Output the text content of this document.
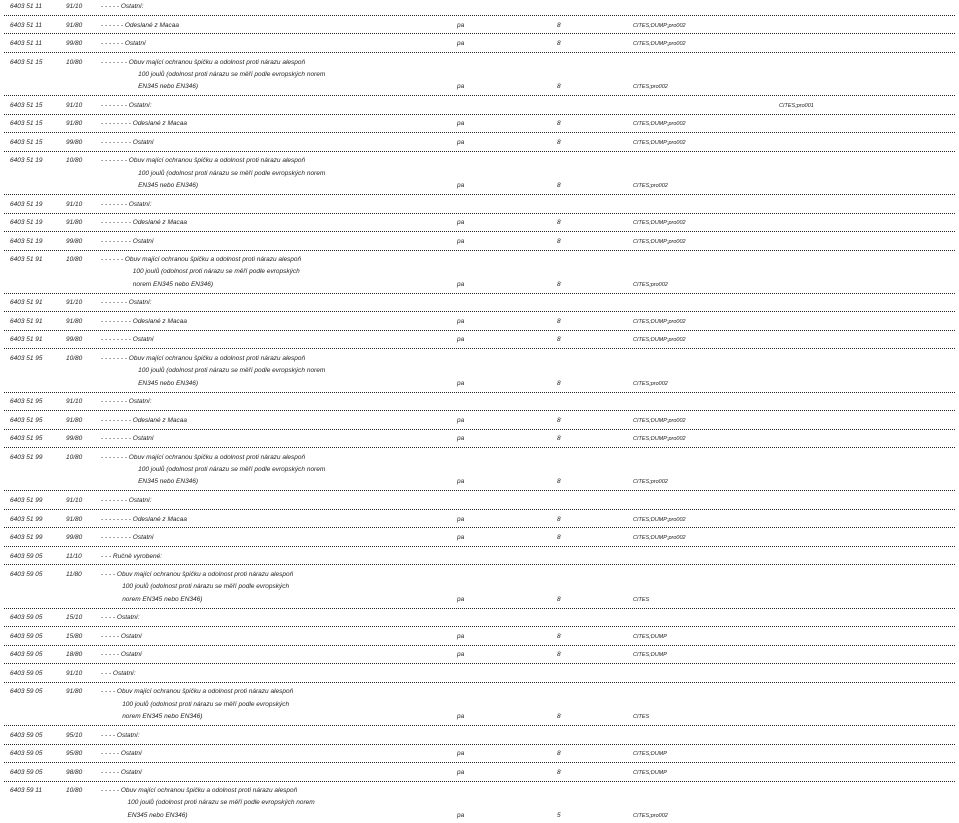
6403 51 11	91/10	- - - - - Ostatní:
6403 51 11	91/80	- - - - - - Odeslané z Macaa	pa	8	CITES;DUMP;pro002
6403 51 11	99/80	- - - - - - Ostatní	pa	8	CITES;DUMP;pro002
6403 51 15	10/80	- - - - - - - Obuv mající ochranou špičku a odolnost proti nárazu alespoň
100 joulů (odolnost proti nárazu se měří podle evropských norem
EN345 nebo EN346)	pa	8	CITES;pro002
6403 51 15	91/10	- - - - - - - Ostatní:	CITES;pro001
6403 51 15	91/80	- - - - - - - - Odeslané z Macaa	pa	8	CITES;DUMP;pro002
6403 51 15	99/80	- - - - - - - - Ostatní	pa	8	CITES;DUMP;pro002
6403 51 19	10/80	- - - - - - - Obuv mající ochranou špičku a odolnost proti nárazu alespoň
100 joulů (odolnost proti nárazu se měří podle evropských norem
EN345 nebo EN346)	pa	8	CITES;pro002
6403 51 19	91/10	- - - - - - - Ostatní:
6403 51 19	91/80	- - - - - - - - Odeslané z Macaa	pa	8	CITES;DUMP;pro002
6403 51 19	99/80	- - - - - - - - Ostatní	pa	8	CITES;DUMP;pro002
6403 51 91	10/80	- - - - - - Obuv mající ochranou špičku a odolnost proti nárazu alespoň
100 joulů (odolnost proti nárazu se měří podle evropských
norem EN345 nebo EN346)	pa	8	CITES;pro002
6403 51 91	91/10	- - - - - - - Ostatní:
6403 51 91	91/80	- - - - - - - - Odeslané z Macaa	pa	8	CITES;DUMP;pro002
6403 51 91	99/80	- - - - - - - - Ostatní	pa	8	CITES;DUMP;pro002
6403 51 95	10/80	- - - - - - - Obuv mající ochranou špičku a odolnost proti nárazu alespoň
100 joulů (odolnost proti nárazu se měří podle evropských norem
EN345 nebo EN346)	pa	8	CITES;pro002
6403 51 95	91/10	- - - - - - - Ostatní:
6403 51 95	91/80	- - - - - - - - Odeslané z Macaa	pa	8	CITES;DUMP;pro002
6403 51 95	99/80	- - - - - - - - Ostatní	pa	8	CITES;DUMP;pro002
6403 51 99	10/80	- - - - - - - Obuv mající ochranou špičku a odolnost proti nárazu alespoň
100 joulů (odolnost proti nárazu se měří podle evropských norem
EN345 nebo EN346)	pa	8	CITES;pro002
6403 51 99	91/10	- - - - - - - Ostatní:
6403 51 99	91/80	- - - - - - - - Odeslané z Macaa	pa	8	CITES;DUMP;pro002
6403 51 99	99/80	- - - - - - - - Ostatní	pa	8	CITES;DUMP;pro002
6403 59 05	11/10	- - - Ručně vyrobené:
6403 59 05	11/80	- - - - Obuv mající ochranou špičku a odolnost proti nárazu alespoň
100 joulů (odolnost proti nárazu se měří podle evropských
norem EN345 nebo EN346)	pa	8	CITES
6403 59 05	15/10	- - - - Ostatní:
6403 59 05	15/80	- - - - - Ostatní	pa	8	CITES;DUMP
6403 59 05	18/80	- - - - - Ostatní	pa	8	CITES;DUMP
6403 59 05	91/10	- - - Ostatní:
6403 59 05	91/80	- - - - Obuv mající ochranou špičku a odolnost proti nárazu alespoň
100 joulů (odolnost proti nárazu se měří podle evropských
norem EN345 nebo EN346)	pa	8	CITES
6403 59 05	95/10	- - - - Ostatní:
6403 59 05	95/80	- - - - - Ostatní	pa	8	CITES;DUMP
6403 59 05	98/80	- - - - - Ostatní	pa	8	CITES;DUMP
6403 59 11	10/80	- - - - - Obuv mající ochranou špičku a odolnost proti nárazu alespoň
100 joulů (odolnost proti nárazu se měří podle evropských norem
EN345 nebo EN346)	pa	5	CITES;pro002
